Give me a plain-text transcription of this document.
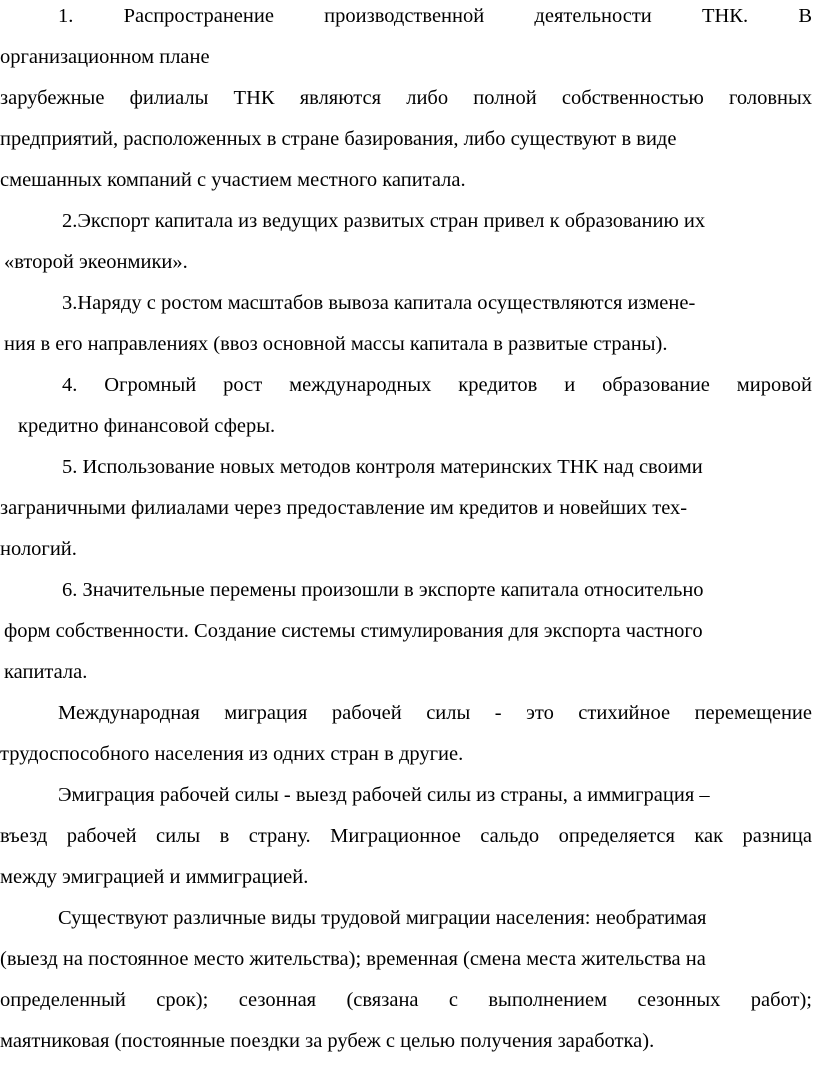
1. Распространение производственной деятельности ТНК. В
организационном плане
зарубежные филиалы ТНК являются либо полной собственностью головных
предприятий, расположенных в стране базирования, либо существуют в виде
смешанных компаний с участием местного капитала.
2.Экспорт капитала из ведущих развитых стран привел к образованию их
«второй экеонмики».
3.Наряду с ростом масштабов вывоза капитала осуществляются измене-
ния в его направлениях (ввоз основной массы капитала в развитые страны).
4. Огромный рост международных кредитов и образование мировой
кредитно финансовой сферы.
5. Использование новых методов контроля материнских ТНК над своими
заграничными филиалами через предоставление им кредитов и новейших тех-
нологий.
6. Значительные перемены произошли в экспорте капитала относительно
форм собственности. Создание системы стимулирования для экспорта частного
капитала.
Международная миграция рабочей силы - это стихийное перемещение
трудоспособного населения из одних стран в другие.
Эмиграция рабочей силы - выезд рабочей силы из страны, а иммиграция –
въезд рабочей силы в страну. Миграционное сальдо определяется как разница
между эмиграцией и иммиграцией.
Существуют различные виды трудовой миграции населения: необратимая
(выезд на постоянное место жительства); временная (смена места жительства на
определенный срок); сезонная (связана с выполнением сезонных работ);
маятниковая (постоянные поездки за рубеж с целью получения заработка).
